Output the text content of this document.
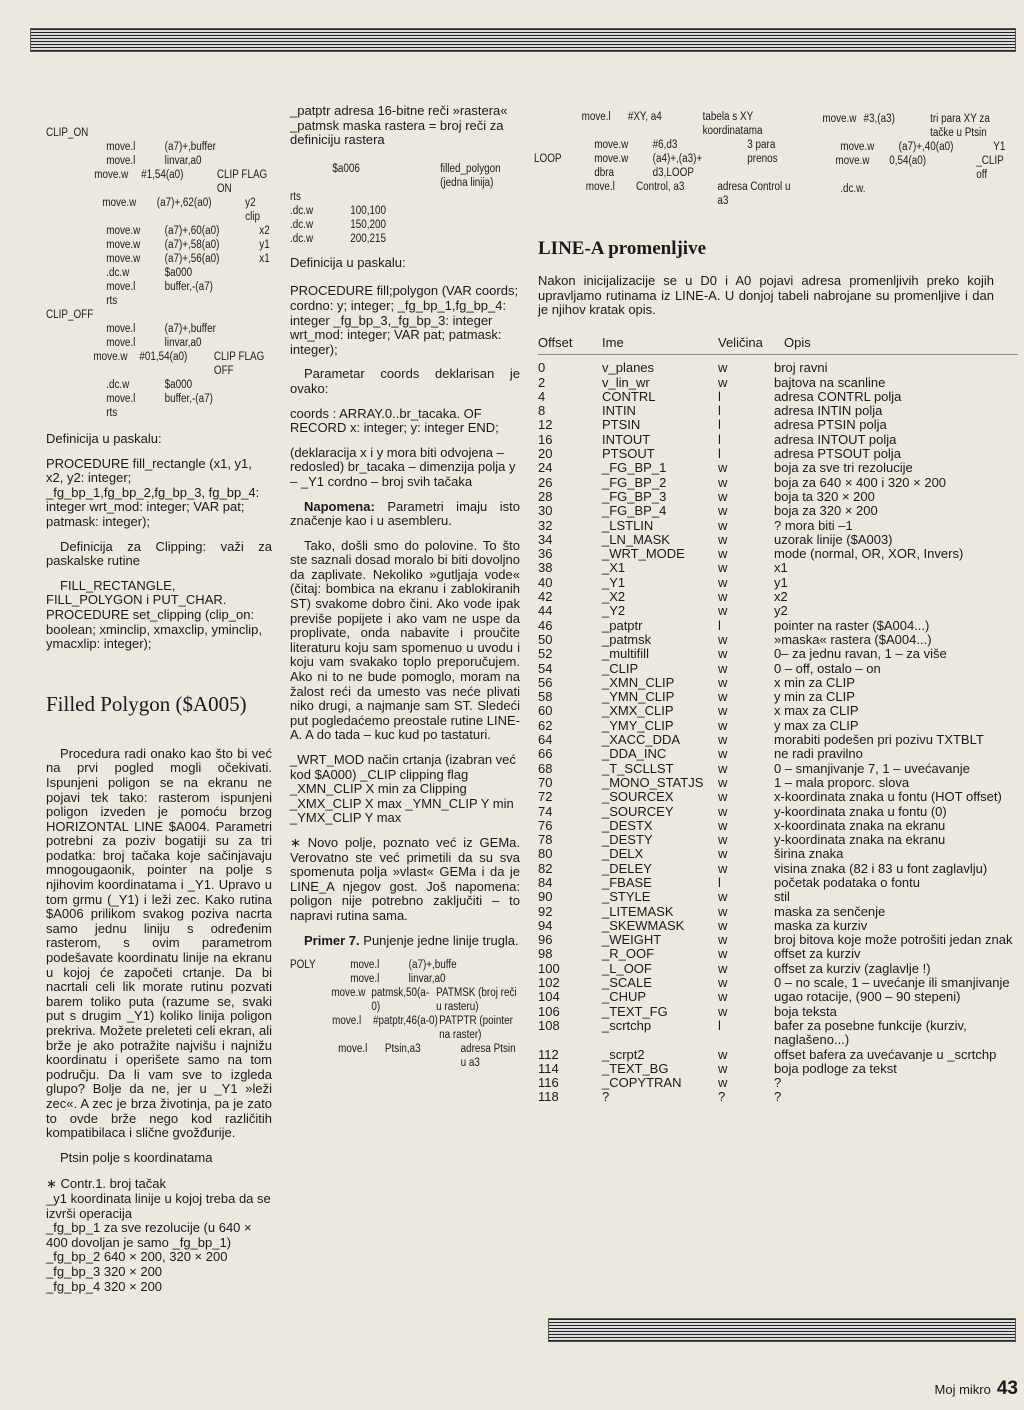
CLIP_ON
move.l	(a7)+,buffer
move.l	linvar,a0
move.w	#1,54(a0)	CLIP FLAG ON
move.w	(a7)+,62(a0)	y2 clip
move.w	(a7)+,60(a0)	x2
move.w	(a7)+,58(a0)	y1
move.w	(a7)+,56(a0)	x1
.dc.w	$a000
move.l	buffer,-(a7)
rts
CLIP_OFF
move.l	(a7)+,buffer
move.l	linvar,a0
move.w	#01,54(a0)	CLIP FLAG OFF
.dc.w	$a000
move.l	buffer,-(a7)
rts

Definicija u paskalu:

PROCEDURE fill_rectangle (x1, y1, x2, y2: integer; _fg_bp_1,fg_bp_2,fg_bp_3, fg_bp_4: integer wrt_mod: integer; VAR pat; patmask: integer);

Definicija za Clipping: važi za paskalske rutine

FILL_RECTANGLE, FILL_POLYGON i PUT_CHAR. PROCEDURE set_clipping (clip_on: boolean; xminclip, xmaxclip, yminclip, ymacxlip: integer);

Filled Polygon ($A005)

Procedura radi onako kao što bi već na prvi pogled mogli očekivati. Ispunjeni poligon se na ekranu ne pojavi tek tako: rasterom ispunjeni poligon izveden je pomoću brzog HORIZONTAL LINE $A004. Parametri potrebni za poziv bogatiji su za tri podatka: broj tačaka koje sačinjavaju mnogougaonik, pointer na polje s njihovim koordinatama i _Y1. Upravo u tom grmu (_Y1) i leži zec. Kako rutina $A006 prilikom svakog poziva nacrta samo jednu liniju s određenim rasterom, s ovim parametrom podešavate koordinatu linije na ekranu u kojoj će započeti crtanje. Da bi nacrtali celi lik morate rutinu pozvati barem toliko puta (razume se, svaki put s drugim _Y1) koliko linija poligon prekriva. Možete preleteti celi ekran, ali brže je ako potražite najvišu i najnižu koordinatu i operišete samo na tom području. Da li vam sve to izgleda glupo? Bolje da ne, jer u _Y1 »leži zec«. A zec je brza životinja, pa je zato to ovde brže nego kod različitih kompatibilaca i slične gvožđurije.

Ptsin polje s koordinatama

∗ Contr.1. broj tačak
_y1 koordinata linije u kojoj treba da se izvrši operacija
_fg_bp_1 za sve rezolucije (u 640 × 400 dovoljan je samo _fg_bp_1)
_fg_bp_2 640 × 200, 320 × 200
_fg_bp_3 320 × 200
_fg_bp_4 320 × 200

_patptr adresa 16-bitne reči »rastera« _patmsk maska rastera = broj reči za definiciju rastera

$a006	filled_polygon (jedna linija)
rts
.dc.w	100,100
.dc.w	150,200
.dc.w	200,215

Definicija u paskalu:

PROCEDURE fill;polygon (VAR coords; cordno: y; integer; _fg_bp_1,fg_bp_4: integer _fg_bp_3,_fg_bp_3: integer wrt_mod: integer; VAR pat; patmask: integer);

Parametar coords deklarisan je ovako:

coords : ARRAY.0..br_tacaka. OF RECORD x: integer; y: integer END;

(deklaracija x i y mora biti odvojena – redosled) br_tacaka – dimenzija polja y – _Y1 cordno – broj svih tačaka

Napomena: Parametri imaju isto značenje kao i u asembleru.

Tako, došli smo do polovine. To što ste saznali dosad moralo bi biti dovoljno da zaplivate. Nekoliko »gutljaja vode« (čitaj: bombica na ekranu i zablokiranih ST) svakome dobro čini. Ako vode ipak previše popijete i ako vam ne uspe da proplivate, onda nabavite i proučite literaturu koju sam spomenuo u uvodu i koju vam svakako toplo preporučujem. Ako ni to ne bude pomoglo, moram na žalost reći da umesto vas neće plivati niko drugi, a najmanje sam ST. Sledeći put pogledaćemo preostale rutine LINE-A. A do tada – kuc kud po tastaturi.

_WRT_MOD način crtanja (izabran već kod $A000) _CLIP clipping flag _XMN_CLIP X min za Clipping _XMX_CLIP X max _YMN_CLIP Y min _YMX_CLIP Y max

∗ Novo polje, poznato već iz GEMa. Verovatno ste već primetili da su sva spomenuta polja »vlast« GEMa i da je LINE_A njegov gost. Još napomena: poligon nije potrebno zaključiti – to napravi rutina sama.

Primer 7. Punjenje jedne linije trugla.

POLY	move.l	(a7)+,buffe
move.l	linvar,a0
move.w patmsk,50(a-0)
PATMSK (broj reči u rasteru)
move.l	#patptr,46(a-0) PATPTR (pointer na raster)
move.l	Ptsin,a3	adresa Ptsin u a3
move.l	#XY, a4	tabela s XY koordinatama
move.w	#6,d3	3 para
LOOP	move.w	(a4)+,(a3)+	prenos
dbra	d3,LOOP
move.l	Control, a3	adresa Control u a3
LINE-A promenljive
Nakon inicijalizacije se u D0 i A0 pojavi adresa promenljivih preko kojih upravljamo rutinama iz LINE-A. U donjoj tabeli nabrojane su promenljive i dan je njihov kratak opis.
move.w #3,(a3)	tri para XY za tačke u Ptsin
move.w	(a7)+,40(a0)	Y1
move.w	0,54(a0)	_CLIP off
.dc.w.
Offset	Ime	Veličina	Opis
0	v_planes	w	broj ravni
2	v_lin_wr	w	bajtova na scanline
4	CONTRL	l	adresa CONTRL polja
8	INTIN	l	adresa INTIN polja
12	PTSIN	l	adresa PTSIN polja
16	INTOUT	l	adresa INTOUT polja
20	PTSOUT	l	adresa PTSOUT polja
24	_FG_BP_1	w	boja za sve tri rezolucije
26	_FG_BP_2	w	boja za 640 × 400 i 320 × 200
28	_FG_BP_3	w	boja ta 320 × 200
30	_FG_BP_4	w	boja za 320 × 200
32	_LSTLIN	w	? mora biti –1
34	_LN_MASK	w	uzorak linije ($A003)
36	_WRT_MODE	w	mode (normal, OR, XOR, Invers)
38	_X1	w	x1
40	_Y1	w	y1
42	_X2	w	x2
44	_Y2	w	y2
46	_patptr	l	pointer na raster ($A004...)
50	_patmsk	w	»maska« rastera ($A004...)
52	_multifill	w	0– za jednu ravan, 1 – za više
54	_CLIP	w	0 – off, ostalo – on
56	_XMN_CLIP	w	x min za CLIP
58	_YMN_CLIP	w	y min za CLIP
60	_XMX_CLIP	w	x max za CLIP
62	_YMY_CLIP	w	y max za CLIP
64	_XACC_DDA	w	morabiti podešen pri pozivu TXTBLT
66	_DDA_INC	w	ne radi pravilno
68	_T_SCLLST	w	0 – smanjivanje 7, 1 – uvećavanje
70	_MONO_STATJS	w	1 – mala proporc. slova
72	_SOURCEX	w	x-koordinata znaka u fontu (HOT offset)
74	_SOURCEY	w	y-koordinata znaka u fontu (0)
76	_DESTX	w	x-koordinata znaka na ekranu
78	_DESTY	w	y-koordinata znaka na ekranu
80	_DELX	w	širina znaka
82	_DELEY	w	visina znaka (82 i 83 u font zaglavlju)
84	_FBASE	l	početak podataka o fontu
90	_STYLE	w	stil
92	_LITEMASK	w	maska za senčenje
94	_SKEWMASK	w	maska za kurziv
96	_WEIGHT	w	broj bitova koje može potrošiti jedan znak
98	_R_OOF	w	offset za kurziv
100	_L_OOF	w	offset za kurziv (zaglavlje !)
102	_SCALE	w	0 – no scale, 1 – uvećanje ili smanjivanje
104	_CHUP	w	ugao rotacije, (900 – 90 stepeni)
106	_TEXT_FG	w	boja teksta
108	_scrtchp	l	bafer za posebne funkcije (kurziv, naglašeno...)
112	_scrpt2	w	offset bafera za uvećavanje u _scrtchp
114	_TEXT_BG	w	boja podloge za tekst
116	_COPYTRAN	w	?
118	?	?	?
Moj mikro 43
